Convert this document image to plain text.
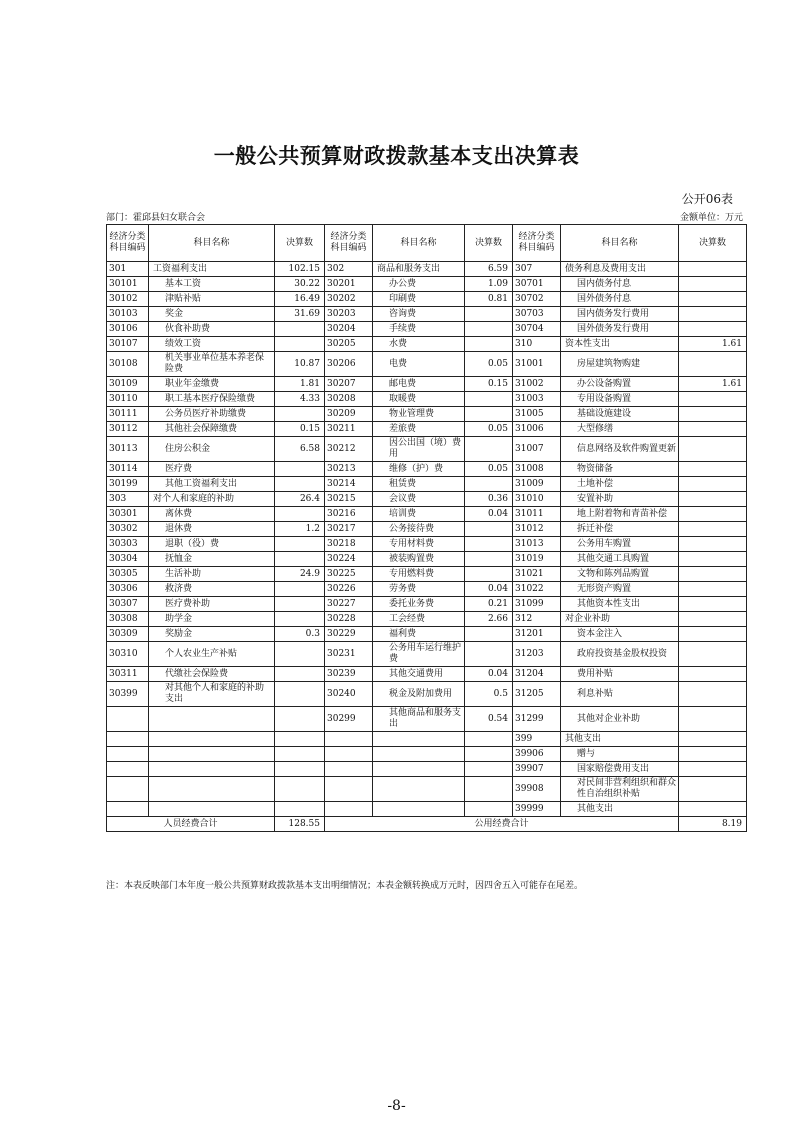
一般公共预算财政拨款基本支出决算表
公开06表
部门：霍邱县妇女联合会	金额单位：万元
经济分类科目编码	科目名称	决算数	经济分类科目编码	科目名称	决算数	经济分类科目编码	科目名称	决算数
301	工资福利支出	102.15	302	商品和服务支出	6.59	307	债务利息及费用支出	
30101	基本工资	30.22	30201	办公费	1.09	30701	国内债务付息	
30102	津贴补贴	16.49	30202	印刷费	0.81	30702	国外债务付息	
30103	奖金	31.69	30203	咨询费		30703	国内债务发行费用	
30106	伙食补助费		30204	手续费		30704	国外债务发行费用	
30107	绩效工资		30205	水费		310	资本性支出	1.61
30108	机关事业单位基本养老保险费	10.87	30206	电费	0.05	31001	房屋建筑物购建	
30109	职业年金缴费	1.81	30207	邮电费	0.15	31002	办公设备购置	1.61
30110	职工基本医疗保险缴费	4.33	30208	取暖费		31003	专用设备购置	
30111	公务员医疗补助缴费		30209	物业管理费		31005	基础设施建设	
30112	其他社会保障缴费	0.15	30211	差旅费	0.05	31006	大型修缮	
30113	住房公积金	6.58	30212	因公出国（境）费用		31007	信息网络及软件购置更新	
30114	医疗费		30213	维修（护）费	0.05	31008	物资储备	
30199	其他工资福利支出		30214	租赁费		31009	土地补偿	
303	对个人和家庭的补助	26.4	30215	会议费	0.36	31010	安置补助	
30301	离休费		30216	培训费	0.04	31011	地上附着物和青苗补偿	
30302	退休费	1.2	30217	公务接待费		31012	拆迁补偿	
30303	退职（役）费		30218	专用材料费		31013	公务用车购置	
30304	抚恤金		30224	被装购置费		31019	其他交通工具购置	
30305	生活补助	24.9	30225	专用燃料费		31021	文物和陈列品购置	
30306	救济费		30226	劳务费	0.04	31022	无形资产购置	
30307	医疗费补助		30227	委托业务费	0.21	31099	其他资本性支出	
30308	助学金		30228	工会经费	2.66	312	对企业补助	
30309	奖励金	0.3	30229	福利费		31201	资本金注入	
30310	个人农业生产补贴		30231	公务用车运行维护费		31203	政府投资基金股权投资	
30311	代缴社会保险费		30239	其他交通费用	0.04	31204	费用补贴	
30399	对其他个人和家庭的补助支出		30240	税金及附加费用	0.5	31205	利息补贴	
			30299	其他商品和服务支出	0.54	31299	其他对企业补助	
						399	其他支出	
						39906	赠与	
						39907	国家赔偿费用支出	
						39908	对民间非营利组织和群众性自治组织补贴	
						39999	其他支出	
人员经费合计		128.55	公用经费合计					8.19
注：本表反映部门本年度一般公共预算财政拨款基本支出明细情况；本表金额转换成万元时，因四舍五入可能存在尾差。
-8-
